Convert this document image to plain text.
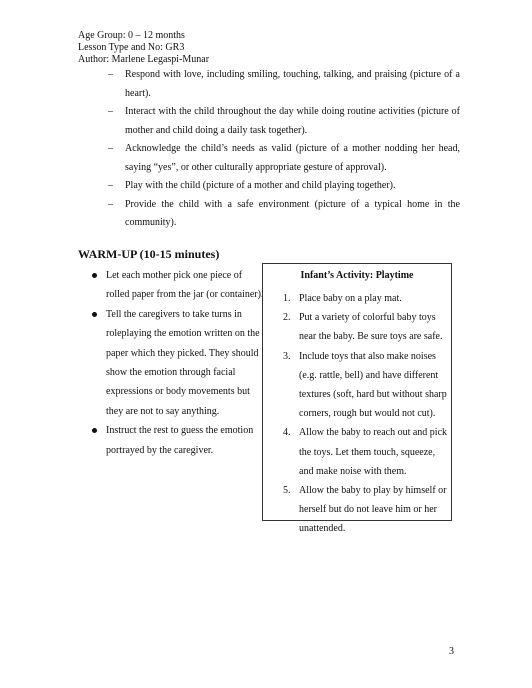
Age Group: 0 – 12 months
Lesson Type and No: GR3
Author: Marlene Legaspi-Munar
– Respond with love, including smiling, touching, talking, and praising (picture of a heart).
– Interact with the child throughout the day while doing routine activities (picture of mother and child doing a daily task together).
– Acknowledge the child’s needs as valid (picture of a mother nodding her head, saying “yes”, or other culturally appropriate gesture of approval).
– Play with the child (picture of a mother and child playing together).
– Provide the child with a safe environment (picture of a typical home in the community).
WARM-UP (10-15 minutes)
Let each mother pick one piece of rolled paper from the jar (or container).
Tell the caregivers to take turns in roleplaying the emotion written on the paper which they picked. They should show the emotion through facial expressions or body movements but they are not to say anything.
Instruct the rest to guess the emotion portrayed by the caregiver.
Infant’s Activity: Playtime
1. Place baby on a play mat.
2. Put a variety of colorful baby toys near the baby. Be sure toys are safe.
3. Include toys that also make noises (e.g. rattle, bell) and have different textures (soft, hard but without sharp corners, rough but would not cut).
4. Allow the baby to reach out and pick the toys. Let them touch, squeeze, and make noise with them.
5. Allow the baby to play by himself or herself but do not leave him or her unattended.
3
